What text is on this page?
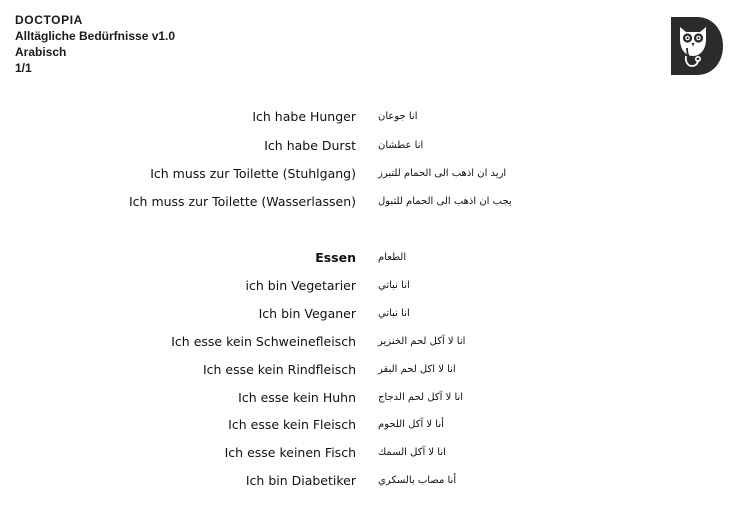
DOCTOPIA
Alltägliche Bedürfnisse v1.0
Arabisch
1/1
Ich habe Hunger انا جوعان
Ich habe Durst انا عطشان
Ich muss zur Toilette (Stuhlgang) اريد ان اذهب الى الحمام للتبرز
Ich muss zur Toilette (Wasserlassen) يجب ان اذهب الى الحمام للتبول
Essen الطعام
ich bin Vegetarier انا نباتي
Ich bin Veganer انا نباتي
Ich esse kein Schweinefleisch انا لا آكل لحم الخنزير
Ich esse kein Rindfleisch انا لا اكل لحم البقر
Ich esse kein Huhn انا لا آكل لحم الدجاج
Ich esse kein Fleisch أنا لا آكل اللحوم
Ich esse keinen Fisch انا لا آكل السمك
Ich bin Diabetiker أنا مصاب بالسكري
